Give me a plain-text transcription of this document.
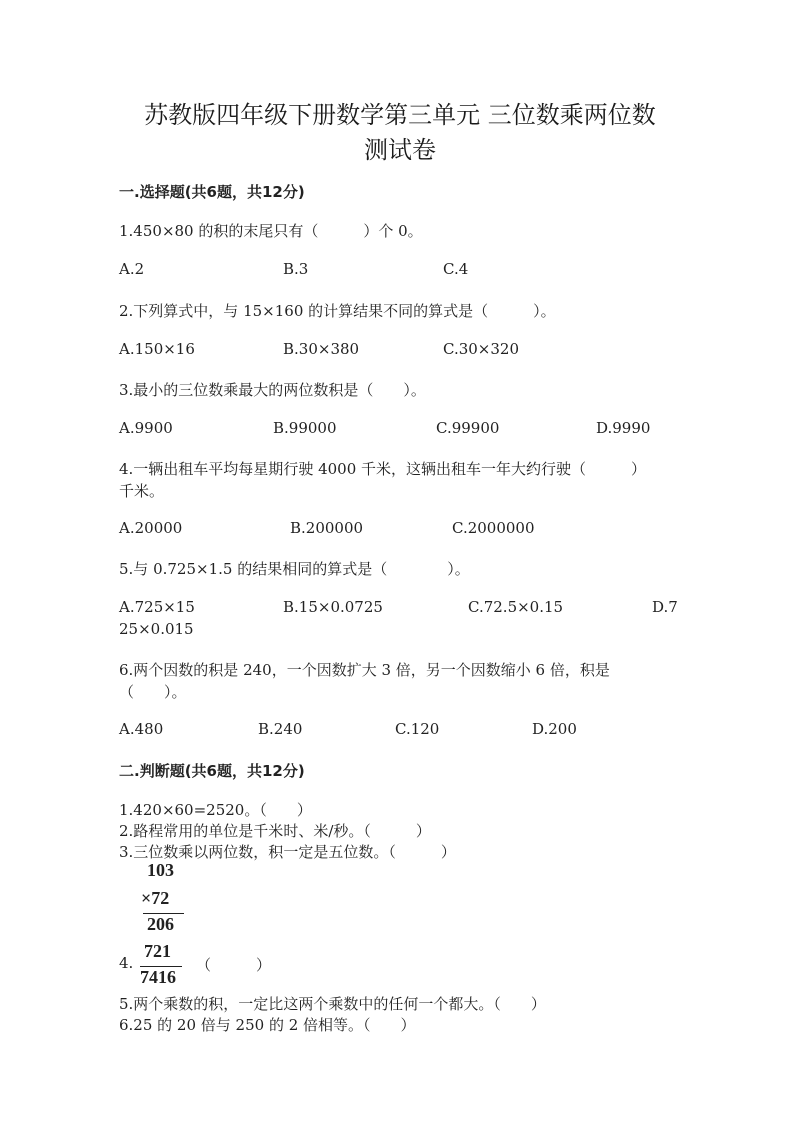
苏教版四年级下册数学第三单元 三位数乘两位数
测试卷
一.选择题(共6题，共12分)
1.450×80 的积的末尾只有（　　　）个 0。
A.2	B.3	C.4
2.下列算式中，与 15×160 的计算结果不同的算式是（　　　）。
A.150×16	B.30×380	C.30×320
3.最小的三位数乘最大的两位数积是（　　）。
A.9900	B.99000	C.99900	D.9990
4.一辆出租车平均每星期行驶 4000 千米，这辆出租车一年大约行驶（　　　）
千米。
A.20000	B.200000	C.2000000
5.与 0.725×1.5 的结果相同的算式是（　　　　）。
A.725×15	B.15×0.0725	C.72.5×0.15	D.7
25×0.015
6.两个因数的积是 240，一个因数扩大 3 倍，另一个因数缩小 6 倍，积是
（　　）。
A.480	B.240	C.120	D.200
二.判断题(共6题，共12分)
1.420×60=2520。（　　）
2.路程常用的单位是千米时、米/秒。（　　　）
3.三位数乘以两位数，积一定是五位数。（　　　）
103
×72
206
4.
721
7416
（　　　）
5.两个乘数的积，一定比这两个乘数中的任何一个都大。（　　）
6.25 的 20 倍与 250 的 2 倍相等。（　　）
